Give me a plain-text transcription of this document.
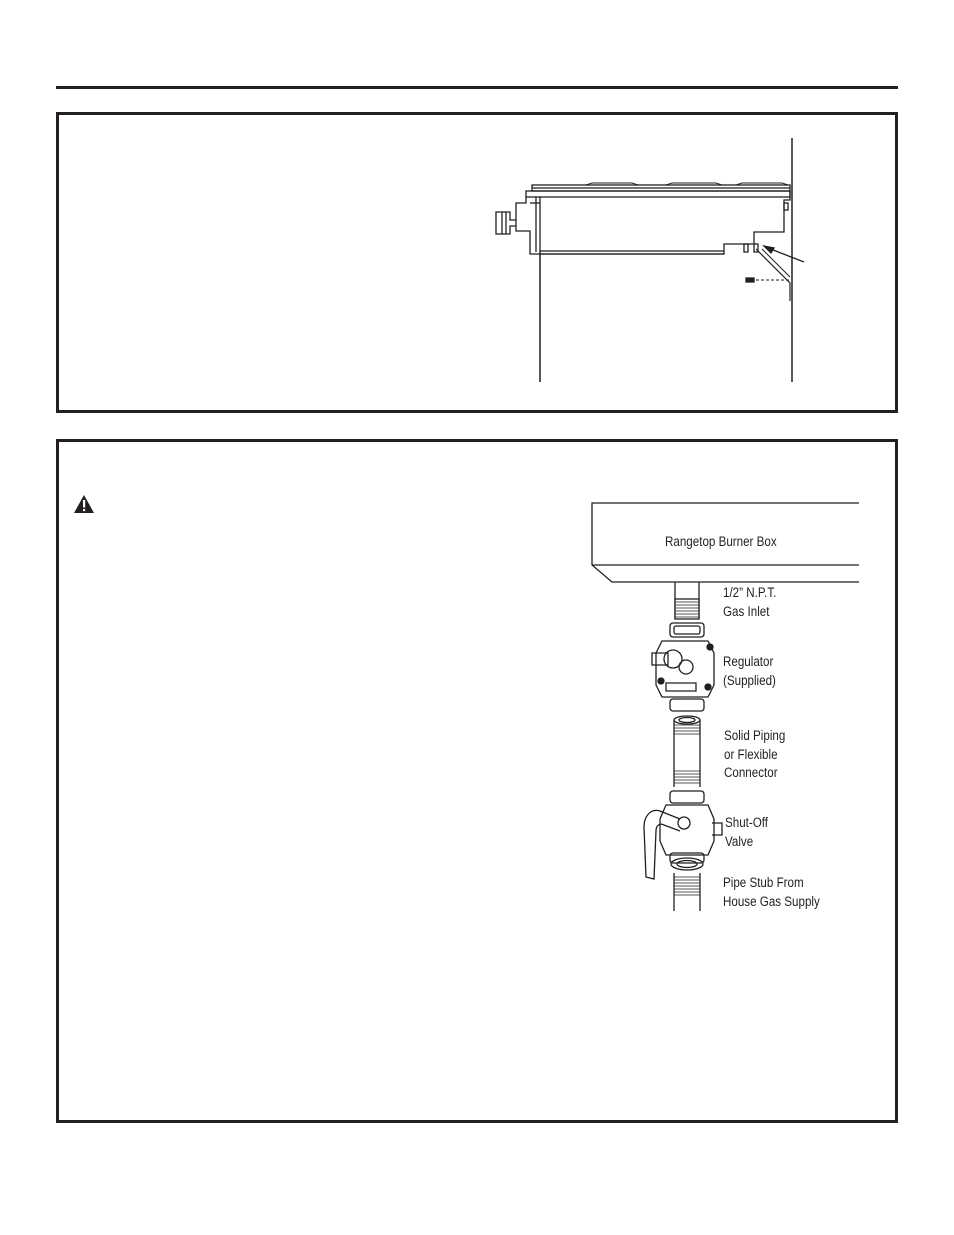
Rangetop Burner Box
1/2” N.P.T.
Gas Inlet
Regulator
(Supplied)
Solid Piping
or Flexible
Connector
Shut-Off
Valve
Pipe Stub From
House Gas Supply
